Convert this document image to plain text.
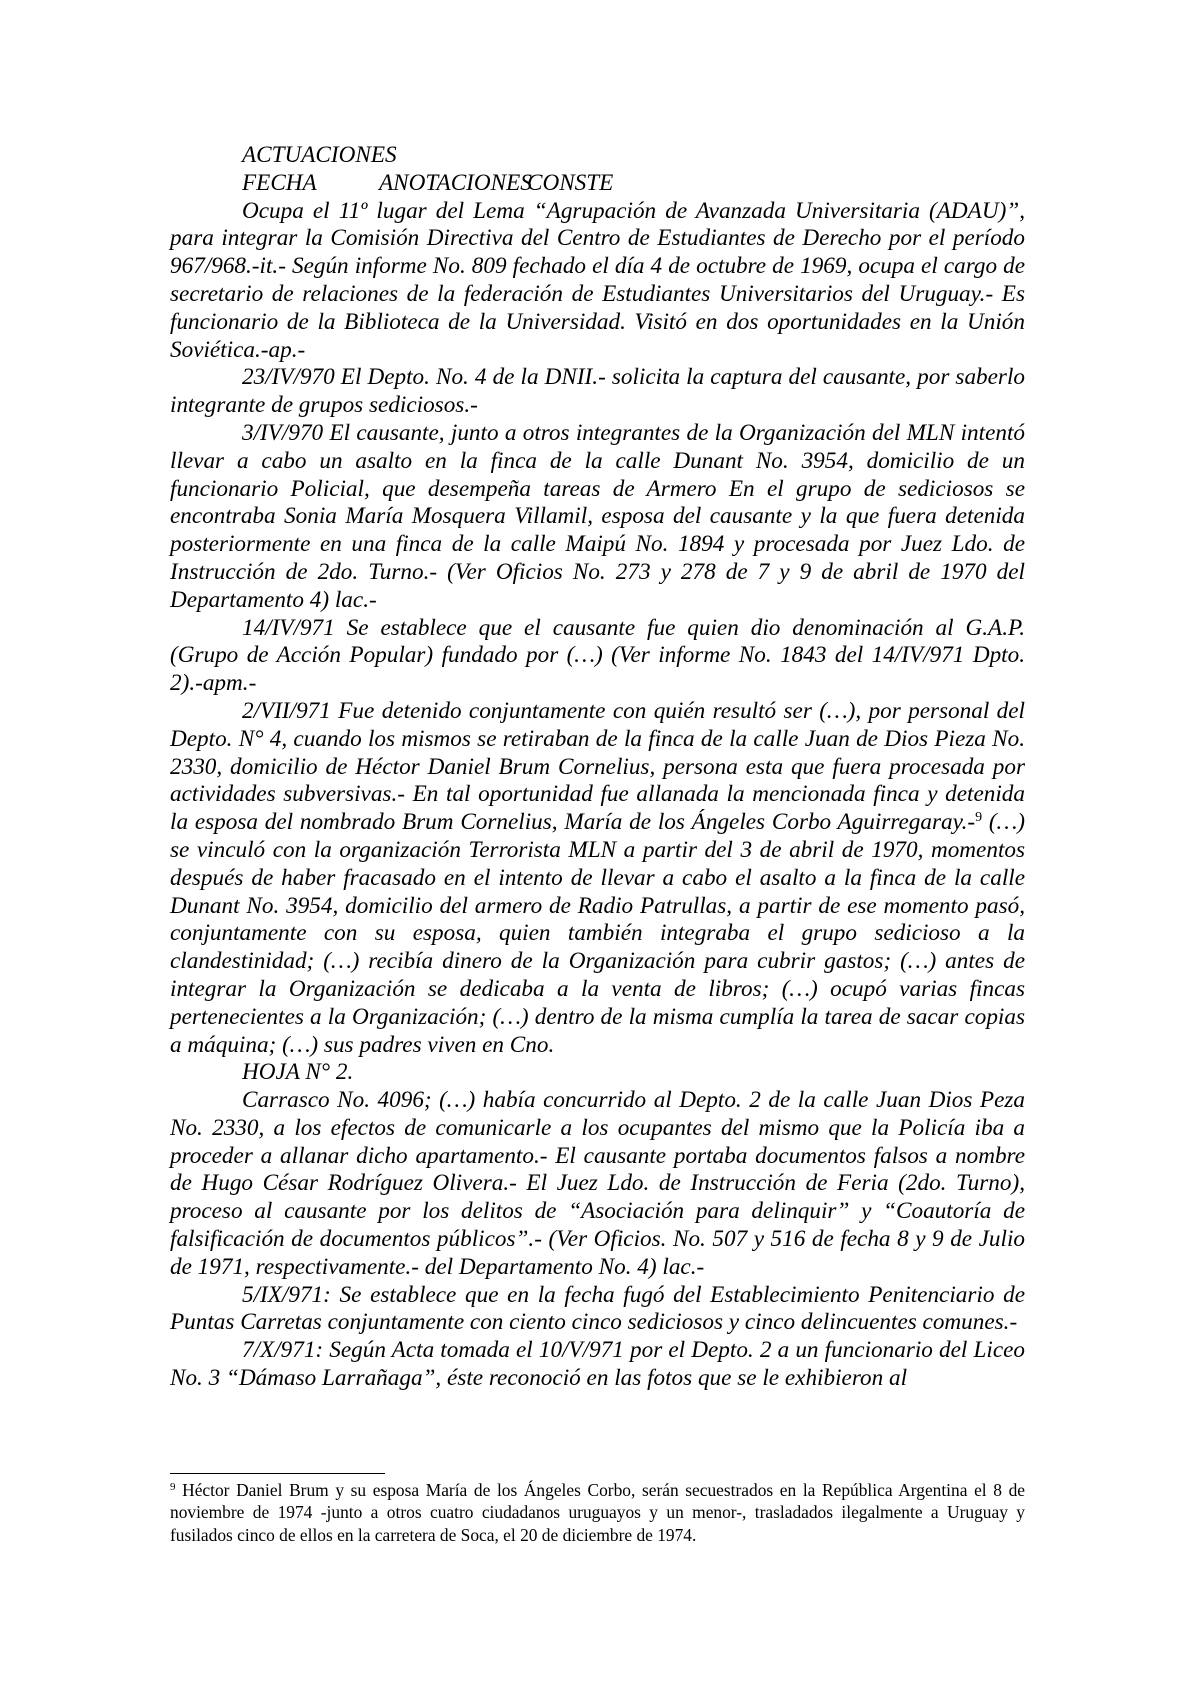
ACTUACIONES

FECHA	ANOTACIONESCONSTE

Ocupa el 11º lugar del Lema “Agrupación de Avanzada Universitaria (ADAU)”, para integrar la Comisión Directiva del Centro de Estudiantes de Derecho por el período 967/968.-it.- Según informe No. 809 fechado el día 4 de octubre de 1969, ocupa el cargo de secretario de relaciones de la federación de Estudiantes Universitarios del Uruguay.- Es funcionario de la Biblioteca de la Universidad. Visitó en dos oportunidades en la Unión Soviética.-ap.-

23/IV/970 El Depto. No. 4 de la DNII.- solicita la captura del causante, por saberlo integrante de grupos sediciosos.-

3/IV/970 El causante, junto a otros integrantes de la Organización del MLN intentó llevar a cabo un asalto en la finca de la calle Dunant No. 3954, domicilio de un funcionario Policial, que desempeña tareas de Armero En el grupo de sediciosos se encontraba Sonia María Mosquera Villamil, esposa del causante y la que fuera detenida posteriormente en una finca de la calle Maipú No. 1894 y procesada por Juez Ldo. de Instrucción de 2do. Turno.- (Ver Oficios No. 273 y 278 de 7 y 9 de abril de 1970 del Departamento 4) lac.-

14/IV/971 Se establece que el causante fue quien dio denominación al G.A.P. (Grupo de Acción Popular) fundado por (…) (Ver informe No. 1843 del 14/IV/971 Dpto. 2).-apm.-

2/VII/971 Fue detenido conjuntamente con quién resultó ser (…), por personal del Depto. N° 4, cuando los mismos se retiraban de la finca de la calle Juan de Dios Pieza No. 2330, domicilio de Héctor Daniel Brum Cornelius, persona esta que fuera procesada por actividades subversivas.- En tal oportunidad fue allanada la mencionada finca y detenida la esposa del nombrado Brum Cornelius, María de los Ángeles Corbo Aguirregaray.-$^9$ (…) se vinculó con la organización Terrorista MLN a partir del 3 de abril de 1970, momentos después de haber fracasado en el intento de llevar a cabo el asalto a la finca de la calle Dunant No. 3954, domicilio del armero de Radio Patrullas, a partir de ese momento pasó, conjuntamente con su esposa, quien también integraba el grupo sedicioso a la clandestinidad; (…) recibía dinero de la Organización para cubrir gastos; (…) antes de integrar la Organización se dedicaba a la venta de libros; (…) ocupó varias fincas pertenecientes a la Organización; (…) dentro de la misma cumplía la tarea de sacar copias a máquina; (…) sus padres viven en Cno.

HOJA N° 2.

Carrasco No. 4096; (…) había concurrido al Depto. 2 de la calle Juan Dios Peza No. 2330, a los efectos de comunicarle a los ocupantes del mismo que la Policía iba a proceder a allanar dicho apartamento.- El causante portaba documentos falsos a nombre de Hugo César Rodríguez Olivera.- El Juez Ldo. de Instrucción de Feria (2do. Turno), proceso al causante por los delitos de “Asociación para delinquir” y “Coautoría de falsificación de documentos públicos”.- (Ver Oficios. No. 507 y 516 de fecha 8 y 9 de Julio de 1971, respectivamente.- del Departamento No. 4) lac.-

5/IX/971: Se establece que en la fecha fugó del Establecimiento Penitenciario de Puntas Carretas conjuntamente con ciento cinco sediciosos y cinco delincuentes comunes.-

7/X/971: Según Acta tomada el 10/V/971 por el Depto. 2 a un funcionario del Liceo No. 3 “Dámaso Larrañaga”, éste reconoció en las fotos que se le exhibieron al

$^9$ Héctor Daniel Brum y su esposa María de los Ángeles Corbo, serán secuestrados en la República Argentina el 8 de noviembre de 1974 -junto a otros cuatro ciudadanos uruguayos y un menor-, trasladados ilegalmente a Uruguay y fusilados cinco de ellos en la carretera de Soca, el 20 de diciembre de 1974.
